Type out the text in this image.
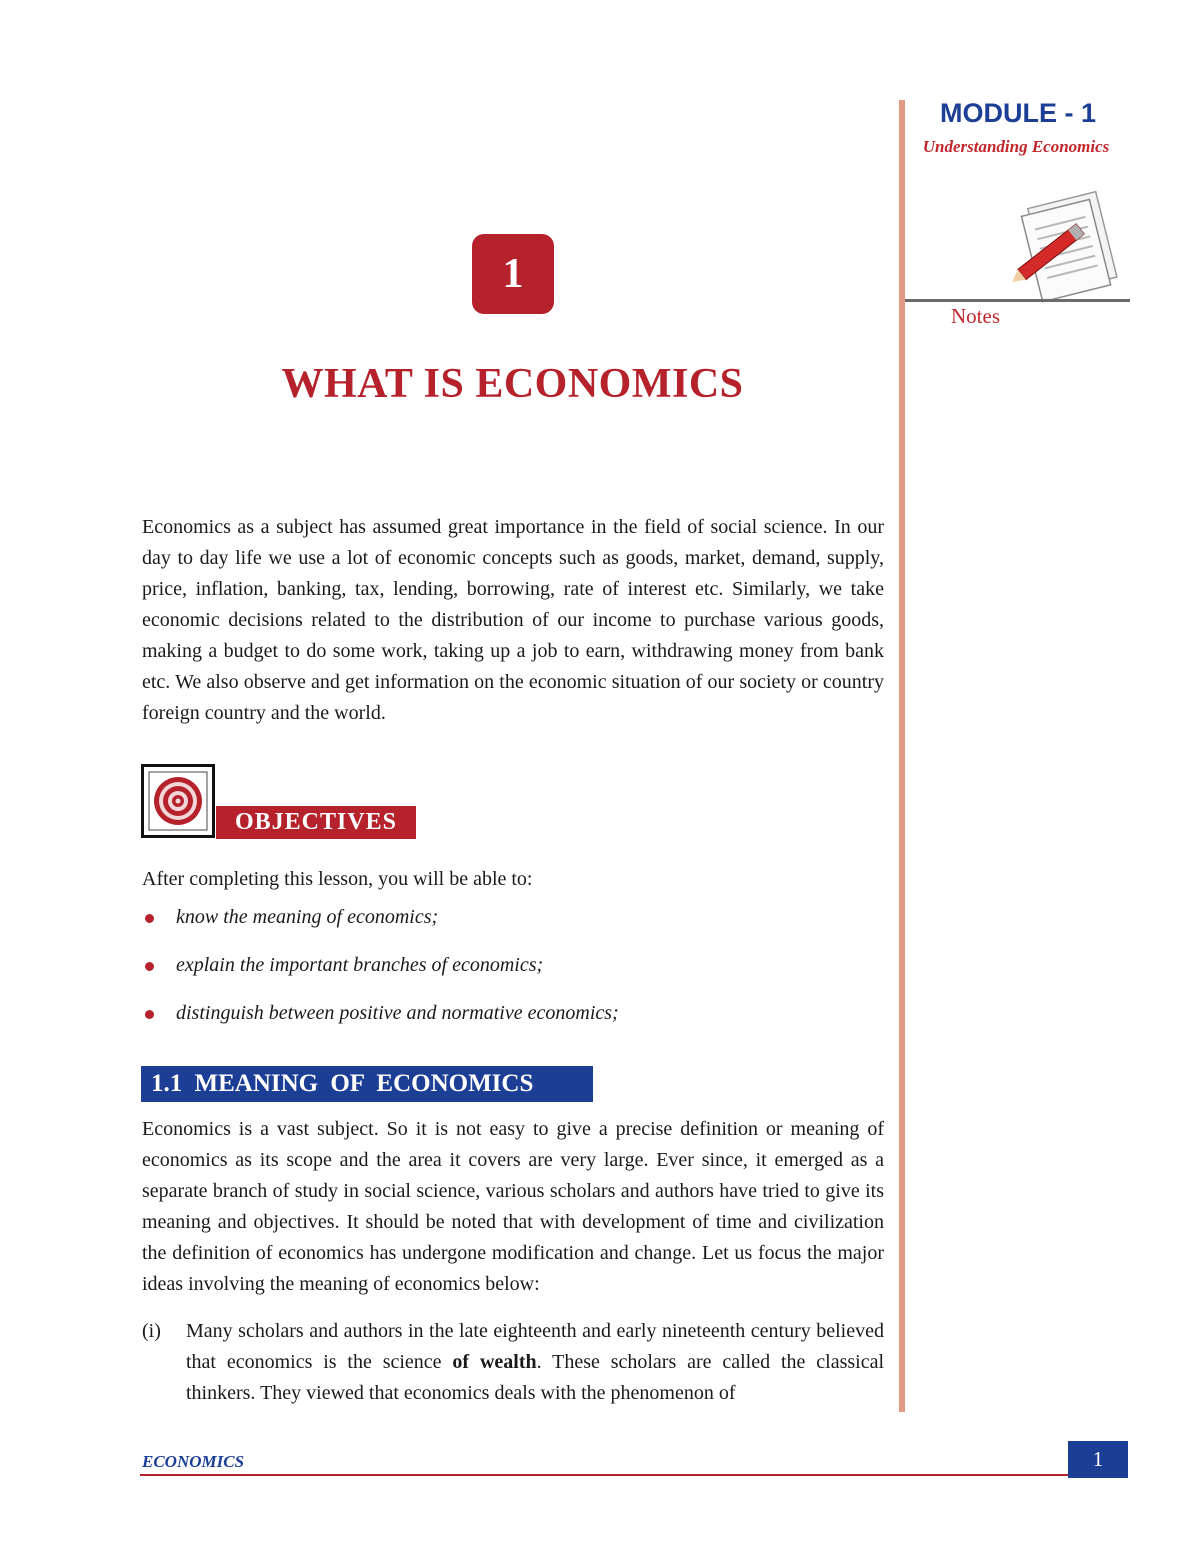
MODULE - 1
Understanding Economics
Notes
1
WHAT IS ECONOMICS

Economics as a subject has assumed great importance in the field of social science. In our day to day life we use a lot of economic concepts such as goods, market, demand, supply, price, inflation, banking, tax, lending, borrowing, rate of interest etc. Similarly, we take economic decisions related to the distribution of our income to purchase various goods, making a budget to do some work, taking up a job to earn, withdrawing money from bank etc. We also observe and get information on the economic situation of our society or country foreign country and the world.

OBJECTIVES

After completing this lesson, you will be able to:

know the meaning of economics;
explain the important branches of economics;
distinguish between positive and normative economics;
1.1 MEANING OF ECONOMICS

Economics is a vast subject. So it is not easy to give a precise definition or meaning of economics as its scope and the area it covers are very large. Ever since, it emerged as a separate branch of study in social science, various scholars and authors have tried to give its meaning and objectives. It should be noted that with development of time and civilization the definition of economics has undergone modification and change. Let us focus the major ideas involving the meaning of economics below:

(i) Many scholars and authors in the late eighteenth and early nineteenth century believed that economics is the science of wealth. These scholars are called the classical thinkers. They viewed that economics deals with the phenomenon of

ECONOMICS	1
